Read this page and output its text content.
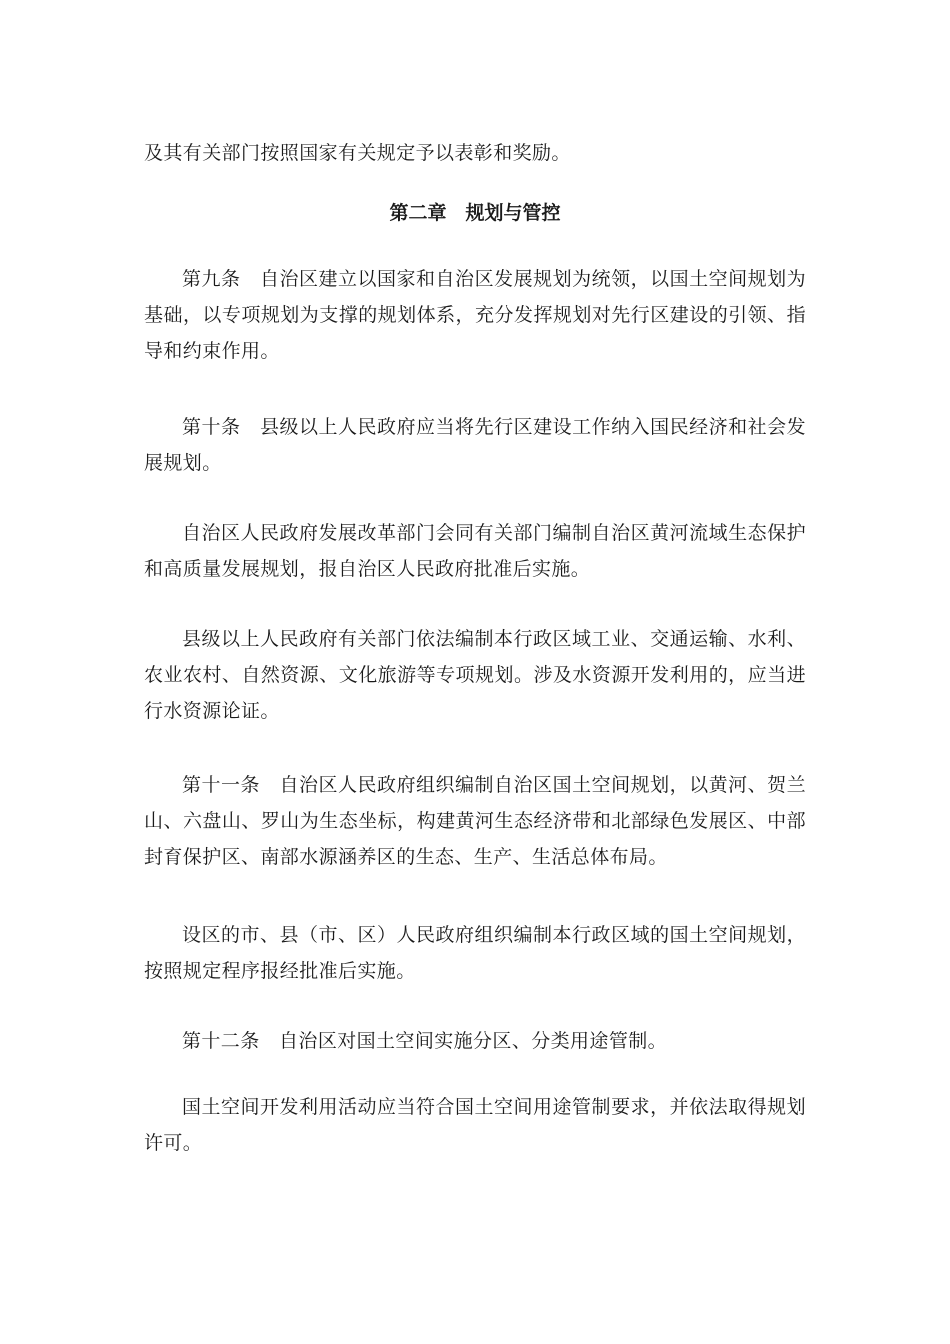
及其有关部门按照国家有关规定予以表彰和奖励。

第二章　规划与管控

第九条　 自治区建立以国家和自治区发展规划为统领，以国土空间规划为基础，以专项规划为支撑的规划体系，充分发挥规划对先行区建设的引领、指导和约束作用。

第十条　 县级以上人民政府应当将先行区建设工作纳入国民经济和社会发展规划。

自治区人民政府发展改革部门会同有关部门编制自治区黄河流域生态保护和高质量发展规划，报自治区人民政府批准后实施。

县级以上人民政府有关部门依法编制本行政区域工业、交通运输、水利、农业农村、自然资源、文化旅游等专项规划。涉及水资源开发利用的，应当进行水资源论证。

第十一条　 自治区人民政府组织编制自治区国土空间规划，以黄河、贺兰山、六盘山、罗山为生态坐标，构建黄河生态经济带和北部绿色发展区、中部封育保护区、南部水源涵养区的生态、生产、生活总体布局。

设区的市、县（市、区）人民政府组织编制本行政区域的国土空间规划，按照规定程序报经批准后实施。

第十二条　 自治区对国土空间实施分区、分类用途管制。

国土空间开发利用活动应当符合国土空间用途管制要求，并依法取得规划许可。
